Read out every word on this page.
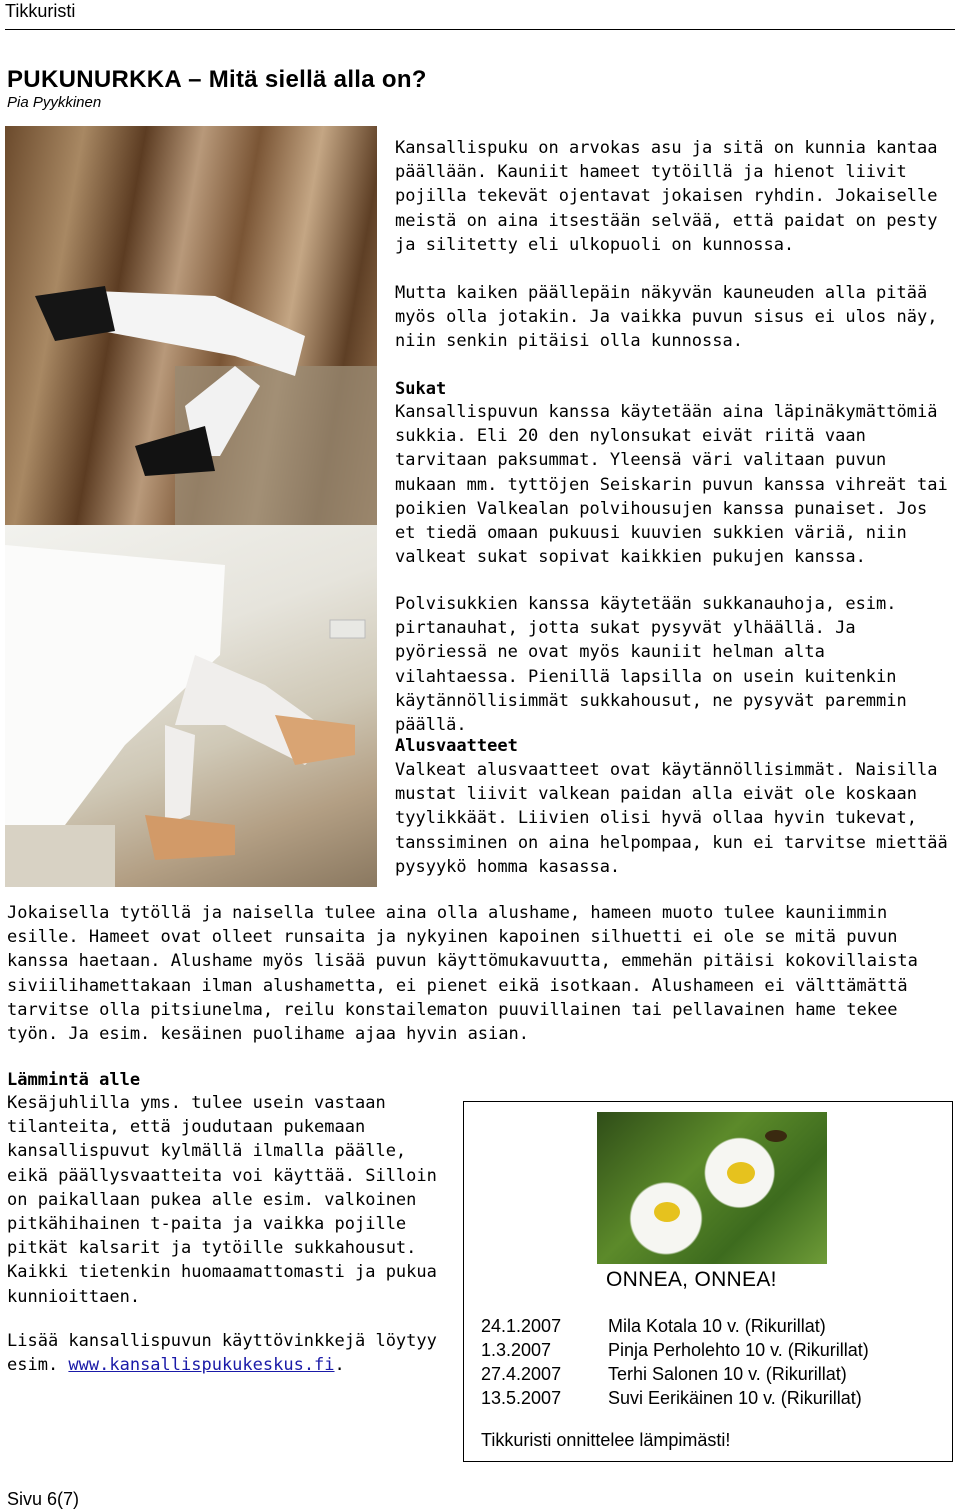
Tikkuristi
PUKUNURKKA – Mitä siellä alla on?
Pia Pyykkinen

Kansallispuku on arvokas asu ja sitä on kunnia kantaa päällään. Kauniit hameet tytöillä ja hienot liivit pojilla tekevät ojentavat jokaisen ryhdin. Jokaiselle meistä on aina itsestään selvää, että paidat on pesty ja silitetty eli ulkopuoli on kunnossa.

Mutta kaiken päällepäin näkyvän kauneuden alla pitää myös olla jotakin. Ja vaikka puvun sisus ei ulos näy, niin senkin pitäisi olla kunnossa.

Sukat

Kansallispuvun kanssa käytetään aina läpinäkymättömiä sukkia. Eli 20 den nylonsukat eivät riitä vaan tarvitaan paksummat. Yleensä väri valitaan puvun mukaan mm. tyttöjen Seiskarin puvun kanssa vihreät tai poikien Valkealan polvihousujen kanssa punaiset. Jos et tiedä omaan pukuusi kuuvien sukkien väriä, niin valkeat sukat sopivat kaikkien pukujen kanssa.

Polvisukkien kanssa käytetään sukkanauhoja, esim. pirtanauhat, jotta sukat pysyvät ylhäällä. Ja pyöriessä ne ovat myös kauniit helman alta vilahtaessa. Pienillä lapsilla on usein kuitenkin käytännöllisimmät sukkahousut, ne pysyvät paremmin päällä.

Alusvaatteet

Valkeat alusvaatteet ovat käytännöllisimmät. Naisilla mustat liivit valkean paidan alla eivät ole koskaan tyylikkäät. Liivien olisi hyvä ollaa hyvin tukevat, tanssiminen on aina helpompaa, kun ei tarvitse miettää pysyykö homma kasassa.

Jokaisella tytöllä ja naisella tulee aina olla alushame, hameen muoto tulee kauniimmin esille. Hameet ovat olleet runsaita ja nykyinen kapoinen silhuetti ei ole se mitä puvun kanssa haetaan. Alushame myös lisää puvun käyttömukavuutta, emmehän pitäisi kokovillaista siviilihamettakaan ilman alushametta, ei pienet eikä isotkaan. Alushameen ei välttämättä tarvitse olla pitsiunelma, reilu konstailematon puuvillainen tai pellavainen hame tekee työn. Ja esim. kesäinen puolihame ajaa hyvin asian.

Lämmintä alle

Kesäjuhlilla yms. tulee usein vastaan tilanteita, että joudutaan pukemaan kansallispuvut kylmällä ilmalla päälle, eikä päällysvaatteita voi käyttää. Silloin on paikallaan pukea alle esim. valkoinen pitkähihainen t-paita ja vaikka pojille pitkät kalsarit ja tytöille sukkahousut. Kaikki tietenkin huomaamattomasti ja pukua kunnioittaen.

Lisää kansallispuvun käyttövinkkejä löytyy esim. www.kansallispukukeskus.fi.

ONNEA, ONNEA!
24.1.2007	Mila Kotala 10 v. (Rikurillat)
1.3.2007	Pinja Perholehto 10 v. (Rikurillat)
27.4.2007	Terhi Salonen 10 v. (Rikurillat)
13.5.2007	Suvi Eerikäinen 10 v. (Rikurillat)
Tikkuristi onnittelee lämpimästi!
Sivu 6(7)
